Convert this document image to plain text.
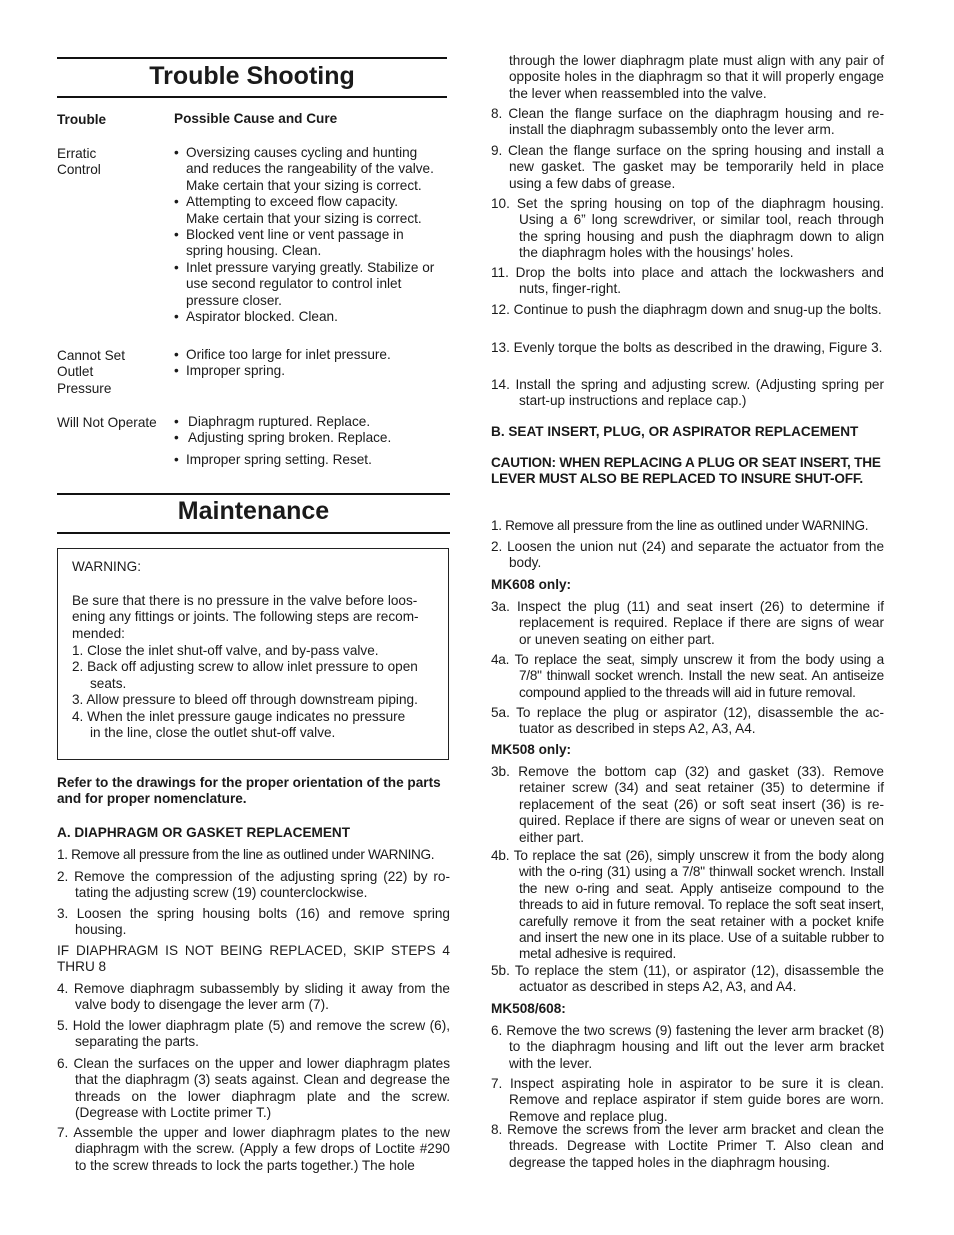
Trouble Shooting
Trouble	Possible Cause and Cure
Erratic
Control
• Oversizing causes cycling and hunting
and reduces the rangeability of the valve.
Make certain that your sizing is correct.
• Attempting to exceed flow capacity.
Make certain that your sizing is correct.
• Blocked vent line or vent passage in
spring housing. Clean.
• Inlet pressure varying greatly. Stabilize or
use second regulator to control inlet
pressure closer.
• Aspirator blocked. Clean.
Cannot Set
Outlet
Pressure
• Orifice too large for inlet pressure.
• Improper spring.
Will Not Operate • Diaphragm ruptured. Replace.
• Adjusting spring broken. Replace.
• Improper spring setting. Reset.
Maintenance
WARNING:
Be sure that there is no pressure in the valve before loos-
ening any fittings or joints. The following steps are recom-
mended:
1. Close the inlet shut-off valve, and by-pass valve.
2. Back off adjusting screw to allow inlet pressure to open
seats.
3. Allow pressure to bleed off through downstream piping.
4. When the inlet pressure gauge indicates no pressure
in the line, close the outlet shut-off valve.
Refer to the drawings for the proper orientation of the parts
and for proper nomenclature.
A. DIAPHRAGM OR GASKET REPLACEMENT
1. Remove all pressure from the line as outlined under WARNING.
2. Remove the compression of the adjusting spring (22) by ro- tating the adjusting screw (19) counterclockwise.
3. Loosen the spring housing bolts (16) and remove spring housing.
IF DIAPHRAGM IS NOT BEING REPLACED, SKIP STEPS 4 THRU 8
4. Remove diaphragm subassembly by sliding it away from the valve body to disengage the lever arm (7).
5. Hold the lower diaphragm plate (5) and remove the screw (6), separating the parts.
6. Clean the surfaces on the upper and lower diaphragm plates that the diaphragm (3) seats against. Clean and degrease the threads on the lower diaphragm plate and the screw. (Degrease with Loctite primer T.)
7. Assemble the upper and lower diaphragm plates to the new diaphragm with the screw. (Apply a few drops of Loctite #290 to the screw threads to lock the parts together.) The hole
through the lower diaphragm plate must align with any pair of opposite holes in the diaphragm so that it will properly engage the lever when reassembled into the valve.
8. Clean the flange surface on the diaphragm housing and re- install the diaphragm subassembly onto the lever arm.
9. Clean the flange surface on the spring housing and install a new gasket. The gasket may be temporarily held in place using a few dabs of grease.
10. Set the spring housing on top of the diaphragm housing. Using a 6” long screwdriver, or similar tool, reach through the spring housing and push the diaphragm down to align the diaphragm holes with the housings’ holes.
11. Drop the bolts into place and attach the lockwashers and nuts, finger-right.
12. Continue to push the diaphragm down and snug-up the bolts.
13. Evenly torque the bolts as described in the drawing, Figure 3.
14. Install the spring and adjusting screw. (Adjusting spring per start-up instructions and replace cap.)
B. SEAT INSERT, PLUG, OR ASPIRATOR REPLACEMENT
CAUTION: WHEN REPLACING A PLUG OR SEAT INSERT, THE LEVER MUST ALSO BE REPLACED TO INSURE SHUT-OFF.
1. Remove all pressure from the line as outlined under WARNING.
2. Loosen the union nut (24) and separate the actuator from the body.
MK608 only:
3a. Inspect the plug (11) and seat insert (26) to determine if replacement is required. Replace if there are signs of wear or uneven seating on either part.
4a. To replace the seat, simply unscrew it from the body using a 7/8" thinwall socket wrench. Install the new seat. An antiseize compound applied to the threads will aid in future removal.
5a. To replace the plug or aspirator (12), disassemble the ac- tuator as described in steps A2, A3, A4.
MK508 only:
3b. Remove the bottom cap (32) and gasket (33). Remove retainer screw (34) and seat retainer (35) to determine if replacement of the seat (26) or soft seat insert (36) is re- quired. Replace if there are signs of wear or uneven seat on either part.
4b. To replace the sat (26), simply unscrew it from the body along with the o-ring (31) using a 7/8" thinwall socket wrench. Install the new o-ring and seat. Apply antiseize compound to the threads to aid in future removal. To replace the soft seat insert, carefully remove it from the seat retainer with a pocket knife and insert the new one in its place. Use of a suitable rubber to metal adhesive is required.
5b. To replace the stem (11), or aspirator (12), disassemble the actuator as described in steps A2, A3, and A4.
MK508/608:
6. Remove the two screws (9) fastening the lever arm bracket (8) to the diaphragm housing and lift out the lever arm bracket with the lever.
7. Inspect aspirating hole in aspirator to be sure it is clean. Remove and replace aspirator if stem guide bores are worn. Remove and replace plug.
8. Remove the screws from the lever arm bracket and clean the threads. Degrease with Loctite Primer T. Also clean and degrease the tapped holes in the diaphragm housing.
